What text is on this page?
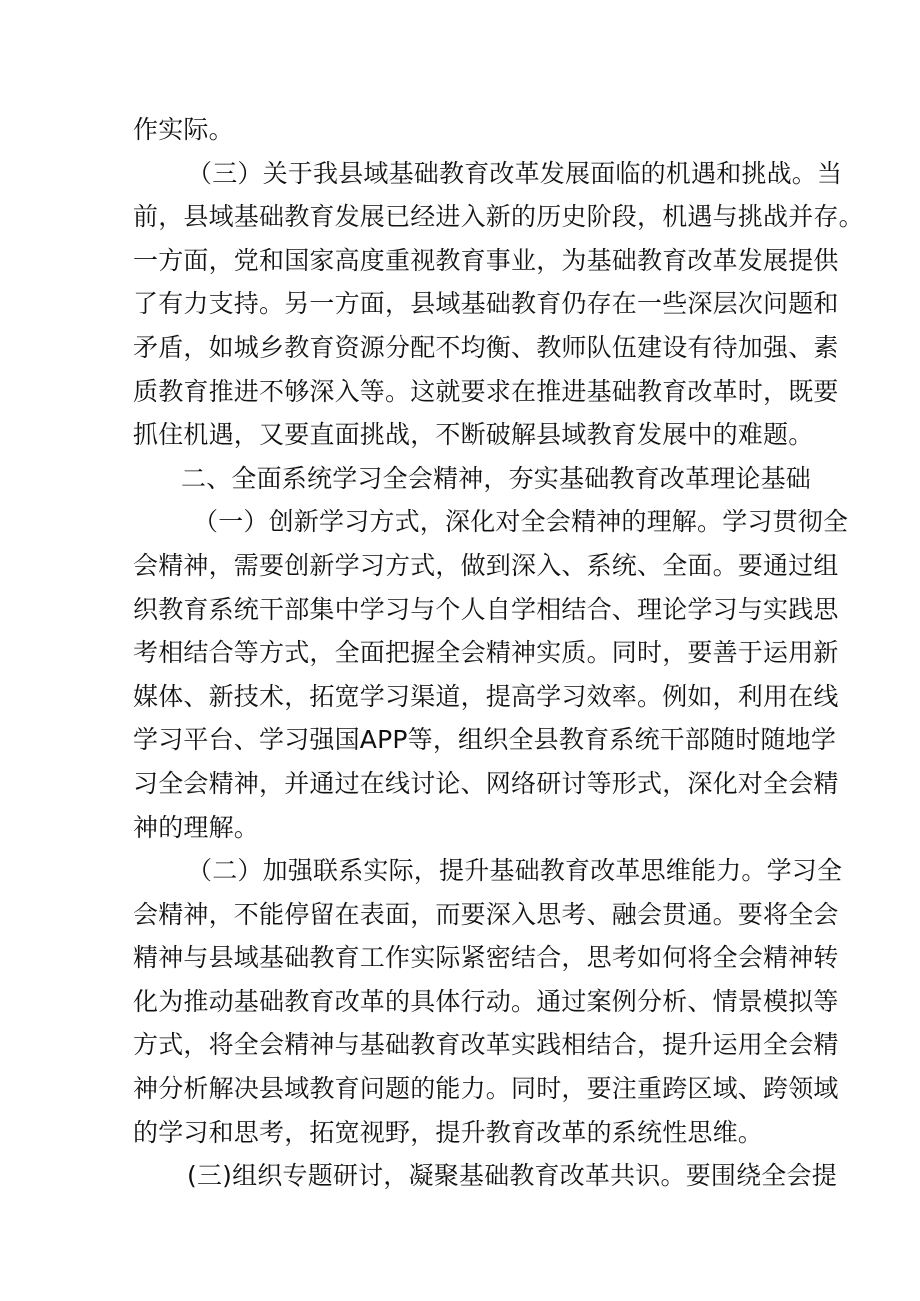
作实际。
（三）关于我县域基础教育改革发展面临的机遇和挑战。当
前，县域基础教育发展已经进入新的历史阶段，机遇与挑战并存。
一方面，党和国家高度重视教育事业，为基础教育改革发展提供
了有力支持。另一方面，县域基础教育仍存在一些深层次问题和
矛盾，如城乡教育资源分配不均衡、教师队伍建设有待加强、素
质教育推进不够深入等。这就要求在推进基础教育改革时，既要
抓住机遇，又要直面挑战，不断破解县域教育发展中的难题。
二、全面系统学习全会精神，夯实基础教育改革理论基础
（一）创新学习方式，深化对全会精神的理解。学习贯彻全
会精神，需要创新学习方式，做到深入、系统、全面。要通过组
织教育系统干部集中学习与个人自学相结合、理论学习与实践思
考相结合等方式，全面把握全会精神实质。同时，要善于运用新
媒体、新技术，拓宽学习渠道，提高学习效率。例如，利用在线
学习平台、学习强国APP等，组织全县教育系统干部随时随地学
习全会精神，并通过在线讨论、网络研讨等形式，深化对全会精
神的理解。
（二）加强联系实际，提升基础教育改革思维能力。学习全
会精神，不能停留在表面，而要深入思考、融会贯通。要将全会
精神与县域基础教育工作实际紧密结合，思考如何将全会精神转
化为推动基础教育改革的具体行动。通过案例分析、情景模拟等
方式，将全会精神与基础教育改革实践相结合，提升运用全会精
神分析解决县域教育问题的能力。同时，要注重跨区域、跨领域
的学习和思考，拓宽视野，提升教育改革的系统性思维。
(三)组织专题研讨，凝聚基础教育改革共识。要围绕全会提
